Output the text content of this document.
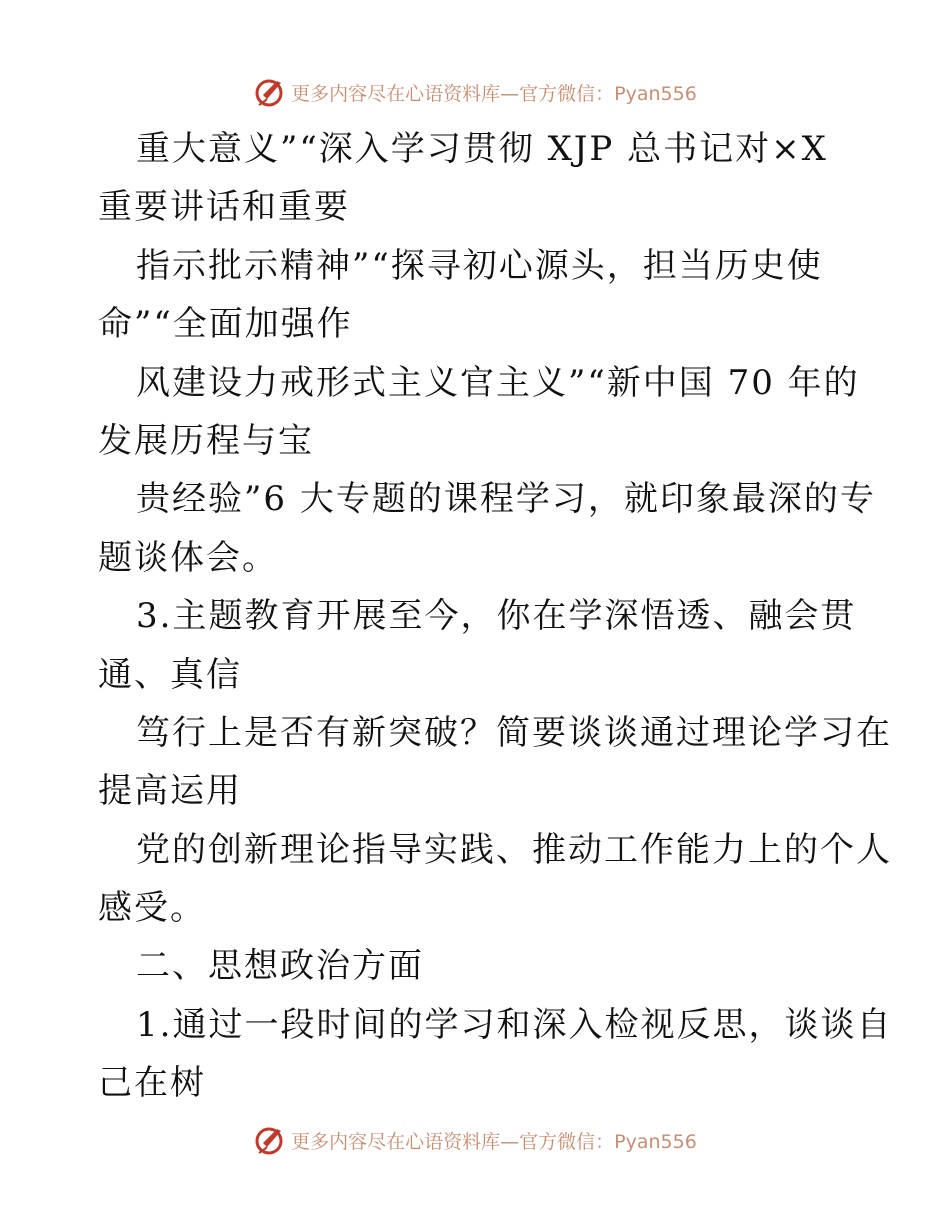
更多内容尽在心语资料库—官方微信：Pyan556
重大意义”“深入学习贯彻 XJP 总书记对×X
重要讲话和重要
指示批示精神”“探寻初心源头，担当历史使
命”“全面加强作
风建设力戒形式主义官主义”“新中国 70 年的
发展历程与宝
贵经验”6 大专题的课程学习，就印象最深的专
题谈体会。
3.主题教育开展至今，你在学深悟透、融会贯
通、真信
笃行上是否有新突破？简要谈谈通过理论学习在
提高运用
党的创新理论指导实践、推动工作能力上的个人
感受。
二、思想政治方面
1.通过一段时间的学习和深入检视反思，谈谈自
己在树
更多内容尽在心语资料库—官方微信：Pyan556
